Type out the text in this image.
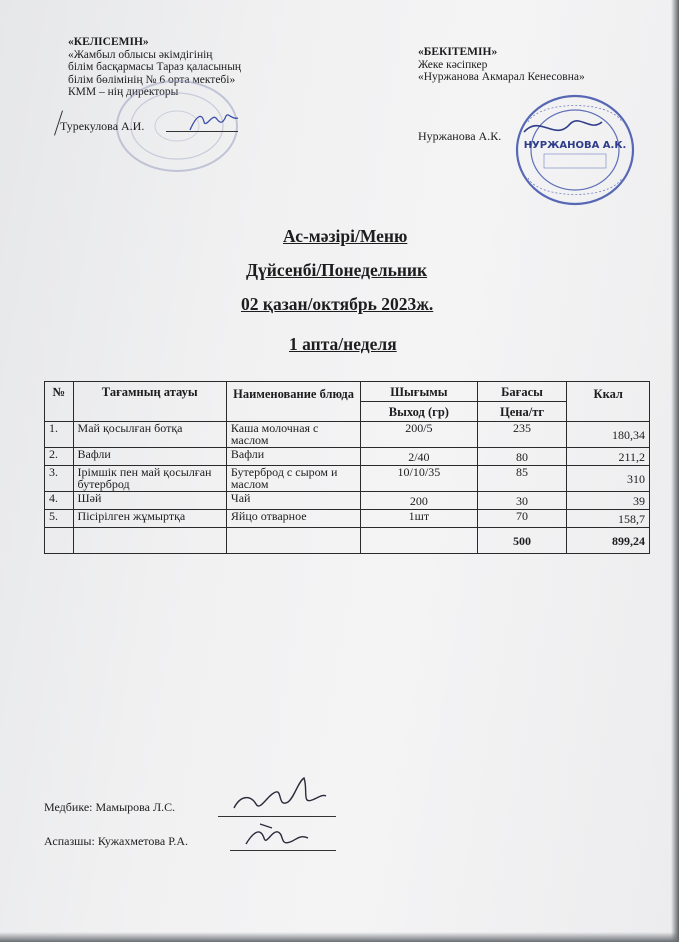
«КЕЛІСЕМІН»
«Жамбыл облысы әкімдігінің
білім басқармасы Тараз қаласының
білім бөлімінің № 6 орта мектебі»
КММ – нің директоры
Турекулова А.И.
«БЕКІТЕМІН»
Жеке кәсіпкер
«Нуржанова Акмарал Кенесовна»
Нуржанова А.К.
НУРЖАНОВА А.К.
Ас-мәзірі/Меню
Дүйсенбі/Понедельник
02 қазан/октябрь 2023ж.
1 апта/неделя
№	Тағамның атауы	Наименование блюда	Шығымы	Бағасы	Ккал
			Выход (гр)	Цена/тг	
1.	Май қосылған ботқа	Каша молочная с маслом	200/5	235	180,34
2.	Вафли	Вафли	2/40	80	211,2
3.	Ірімшік пен май қосылған бутерброд	Бутерброд с сыром и маслом	10/10/35	85	310
4.	Шәй	Чай	200	30	39
5.	Пісірілген жұмыртқа	Яйцо отварное	1шт	70	158,7
				500	899,24
Медбике: Мамырова Л.С.
Аспазшы: Кужахметова Р.А.
